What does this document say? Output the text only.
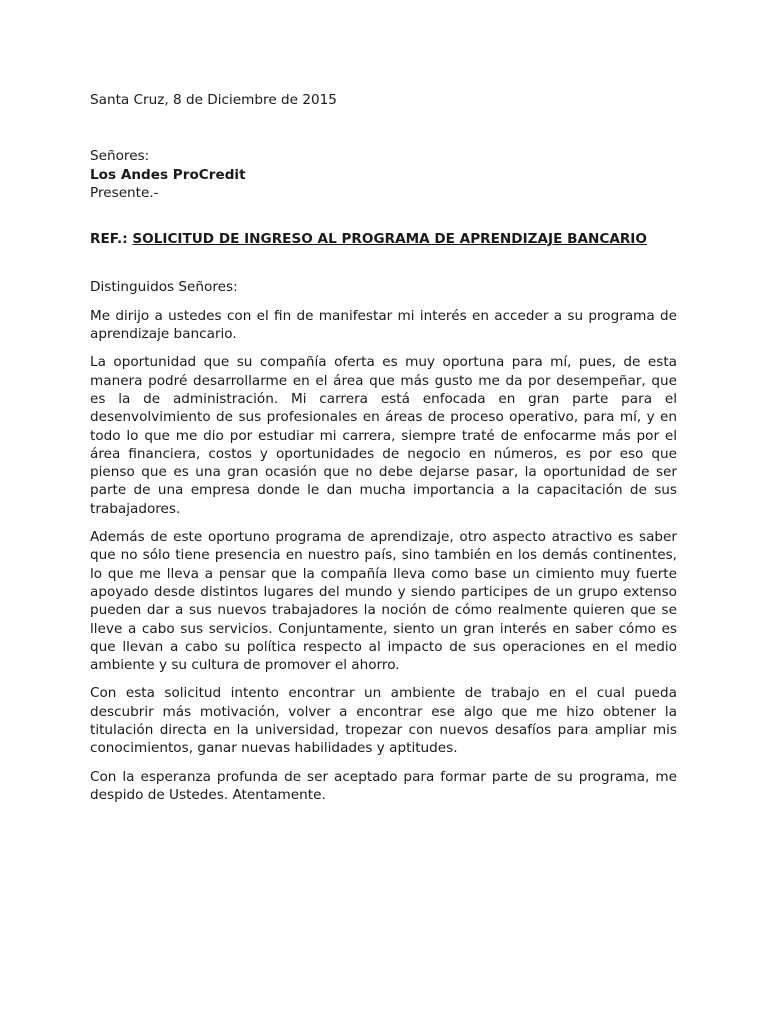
Santa Cruz, 8 de Diciembre de 2015

Señores:

Los Andes ProCredit

Presente.-

REF.: SOLICITUD DE INGRESO AL PROGRAMA DE APRENDIZAJE BANCARIO

Distinguidos Señores:

Me dirijo a ustedes con el fin de manifestar mi interés en acceder a su programa de aprendizaje bancario.

La oportunidad que su compañía oferta es muy oportuna para mí, pues, de esta manera podré desarrollarme en el área que más gusto me da por desempeñar, que es la de administración. Mi carrera está enfocada en gran parte para el desenvolvimiento de sus profesionales en áreas de proceso operativo, para mí, y en todo lo que me dio por estudiar mi carrera, siempre traté de enfocarme más por el área financiera, costos y oportunidades de negocio en números, es por eso que pienso que es una gran ocasión que no debe dejarse pasar, la oportunidad de ser parte de una empresa donde le dan mucha importancia a la capacitación de sus trabajadores.

Además de este oportuno programa de aprendizaje, otro aspecto atractivo es saber que no sólo tiene presencia en nuestro país, sino también en los demás continentes, lo que me lleva a pensar que la compañía lleva como base un cimiento muy fuerte apoyado desde distintos lugares del mundo y siendo participes de un grupo extenso pueden dar a sus nuevos trabajadores la noción de cómo realmente quieren que se lleve a cabo sus servicios. Conjuntamente, siento un gran interés en saber cómo es que llevan a cabo su política respecto al impacto de sus operaciones en el medio ambiente y su cultura de promover el ahorro.

Con esta solicitud intento encontrar un ambiente de trabajo en el cual pueda descubrir más motivación, volver a encontrar ese algo que me hizo obtener la titulación directa en la universidad, tropezar con nuevos desafíos para ampliar mis conocimientos, ganar nuevas habilidades y aptitudes.

Con la esperanza profunda de ser aceptado para formar parte de su programa, me despido de Ustedes. Atentamente.
